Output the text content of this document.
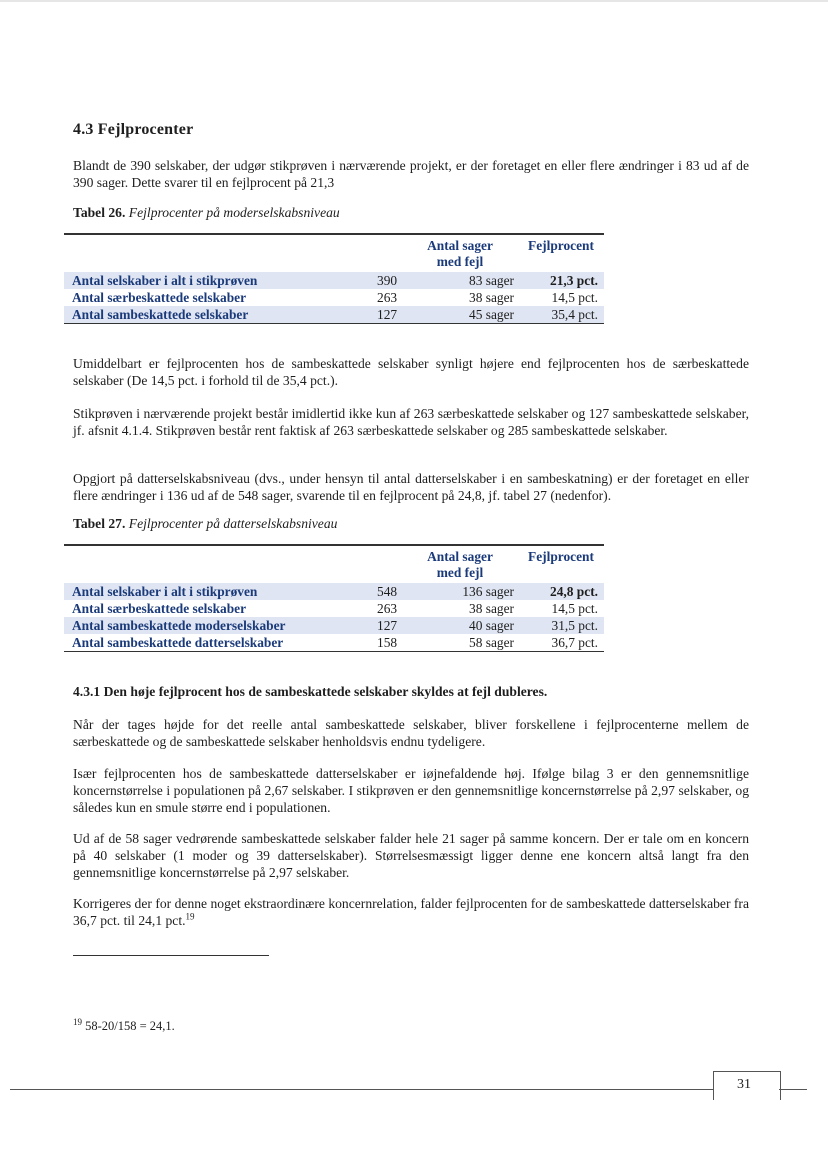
4.3 Fejlprocenter
Blandt de 390 selskaber, der udgør stikprøven i nærværende projekt, er der foretaget en eller flere ændringer i 83 ud af de 390 sager. Dette svarer til en fejlprocent på 21,3
Tabel 26. Fejlprocenter på moderselskabsniveau
Antal sager med fejl
Fejlprocent
Antal selskaber i alt i stikprøven	390	83 sager	21,3 pct.
Antal særbeskattede selskaber	263	38 sager	14,5 pct.
Antal sambeskattede selskaber	127	45 sager	35,4 pct.
Umiddelbart er fejlprocenten hos de sambeskattede selskaber synligt højere end fejlprocenten hos de særbeskattede selskaber (De 14,5 pct. i forhold til de 35,4 pct.).
Stikprøven i nærværende projekt består imidlertid ikke kun af 263 særbeskattede selskaber og 127 sambeskattede selskaber, jf. afsnit 4.1.4. Stikprøven består rent faktisk af 263 særbeskattede selskaber og 285 sambeskattede selskaber.
Opgjort på datterselskabsniveau (dvs., under hensyn til antal datterselskaber i en sambeskatning) er der foretaget en eller flere ændringer i 136 ud af de 548 sager, svarende til en fejlprocent på 24,8, jf. tabel 27 (nedenfor).
Tabel 27. Fejlprocenter på datterselskabsniveau
Antal sager med fejl
Fejlprocent
Antal selskaber i alt i stikprøven	548	136 sager	24,8 pct.
Antal særbeskattede selskaber	263	38 sager	14,5 pct.
Antal sambeskattede moderselskaber	127	40 sager	31,5 pct.
Antal sambeskattede datterselskaber	158	58 sager	36,7 pct.
4.3.1 Den høje fejlprocent hos de sambeskattede selskaber skyldes at fejl dubleres.
Når der tages højde for det reelle antal sambeskattede selskaber, bliver forskellene i fejlprocenterne mellem de særbeskattede og de sambeskattede selskaber henholdsvis endnu tydeligere.
Især fejlprocenten hos de sambeskattede datterselskaber er iøjnefaldende høj. Ifølge bilag 3 er den gennemsnitlige koncernstørrelse i populationen på 2,67 selskaber. I stikprøven er den gennemsnitlige koncernstørrelse på 2,97 selskaber, og således kun en smule større end i populationen.
Ud af de 58 sager vedrørende sambeskattede selskaber falder hele 21 sager på samme koncern. Der er tale om en koncern på 40 selskaber (1 moder og 39 datterselskaber). Størrelsesmæssigt ligger denne ene koncern altså langt fra den gennemsnitlige koncernstørrelse på 2,97 selskaber.
Korrigeres der for denne noget ekstraordinære koncernrelation, falder fejlprocenten for de sambeskattede datterselskaber fra 36,7 pct. til 24,1 pct.$^{19}$
$^{19}$ 58-20/158 = 24,1.
31
